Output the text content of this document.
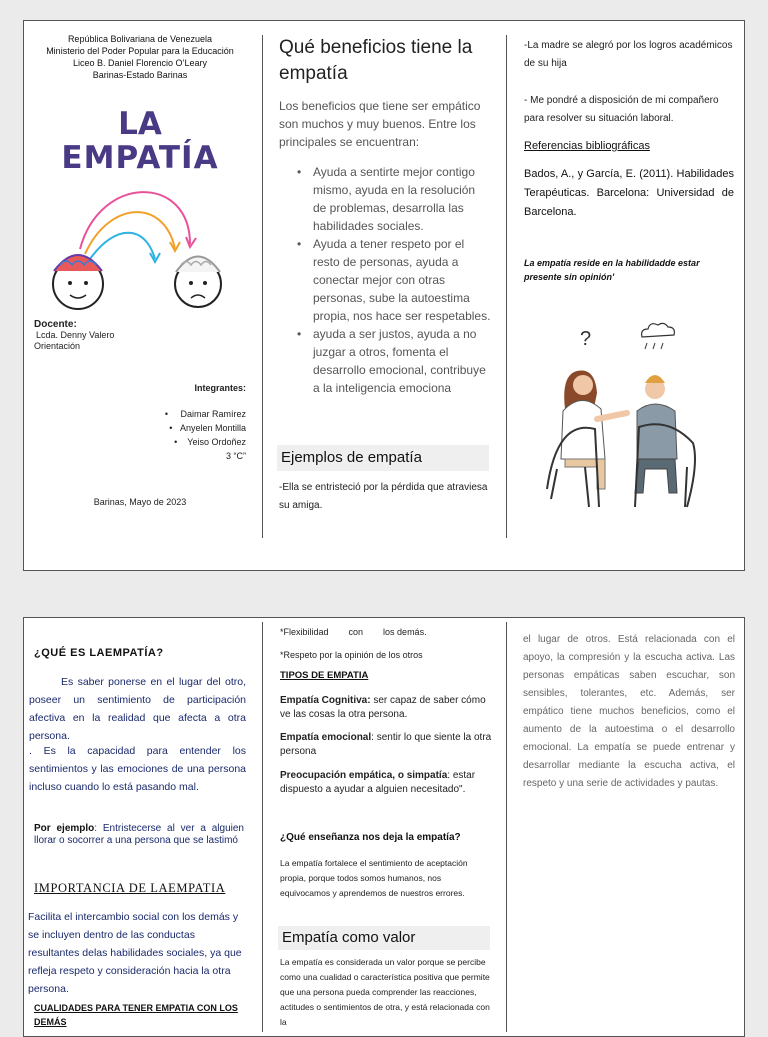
República Bolivariana de Venezuela
Ministerio del Poder Popular para la Educación
Liceo B. Daniel Florencio O’Leary
Barinas-Estado Barinas
LA
EMPATÍA
Docente:
Lcda. Denny Valero
Orientación
Integrantes:
•     Daimar Ramírez
•   Anyelen Montilla
•    Yeiso Ordoñez
3 “C”
Barinas, Mayo de 2023
Qué beneficios tiene la empatía
Los beneficios que tiene ser empático son muchos y muy buenos. Entre los principales se encuentran:
• Ayuda a sentirte mejor contigo mismo, ayuda en la resolución de problemas, desarrolla las habilidades sociales.
• Ayuda a tener respeto por el resto de personas, ayuda a conectar mejor con otras personas, sube la autoestima propia, nos hace ser respetables.
• ayuda a ser justos, ayuda a no juzgar a otros, fomenta el desarrollo emocional, contribuye a la inteligencia emociona
Ejemplos de empatía
-Ella se entristeció por la pérdida que atraviesa su amiga.
-La madre se alegró por los logros académicos de su hija
- Me pondré a disposición de mi compañero para resolver su situación laboral.
Referencias bibliográficas
Bados, A., y García, E. (2011). Habilidades Terapéuticas. Barcelona: Universidad de Barcelona.
La empatía reside en la habilidadde estar presente sin opinión'
?
¿QUÉ ES LAEMPATÍA?
Es saber ponerse en el lugar del otro, poseer un sentimiento de participación afectiva en la realidad que afecta a otra persona.
. Es la capacidad para entender los sentimientos y las emociones de una persona incluso cuando lo está pasando mal.
Por ejemplo: Entristecerse al ver a alguien llorar o socorrer a una persona que se lastimó
IMPORTANCIA DE LAEMPATIA
Facilita el intercambio social con los demás y se incluyen dentro de las conductas resultantes delas habilidades sociales, ya que refleja respeto y consideración hacia la otra persona.
CUALIDADES PARA TENER EMPATIA CON LOS DEMÁS
*Flexibilidad con los demás.
*Respeto por la opinión de los otros
TIPOS DE EMPATIA
Empatía Cognitiva: ser capaz de saber cómo ve las cosas la otra persona.
Empatía emocional: sentir lo que siente la otra persona
Preocupación empática, o simpatía: estar dispuesto a ayudar a alguien necesitado".
¿Qué enseñanza nos deja la empatía?
La empatía fortalece el sentimiento de aceptación propia, porque todos somos humanos, nos equivocamos y aprendemos de nuestros errores.
Empatía como valor
La empatía es considerada un valor porque se percibe como una cualidad o característica positiva que permite que una persona pueda comprender las reacciones, actitudes o sentimientos de otra, y está relacionada con la
el lugar de otros. Está relacionada con el apoyo, la compresión y la escucha activa. Las personas empáticas saben escuchar, son sensibles, tolerantes, etc. Además, ser empático tiene muchos beneficios, como el aumento de la autoestima o el desarrollo emocional. La empatía se puede entrenar y desarrollar mediante la escucha activa, el respeto y una serie de actividades y pautas.
